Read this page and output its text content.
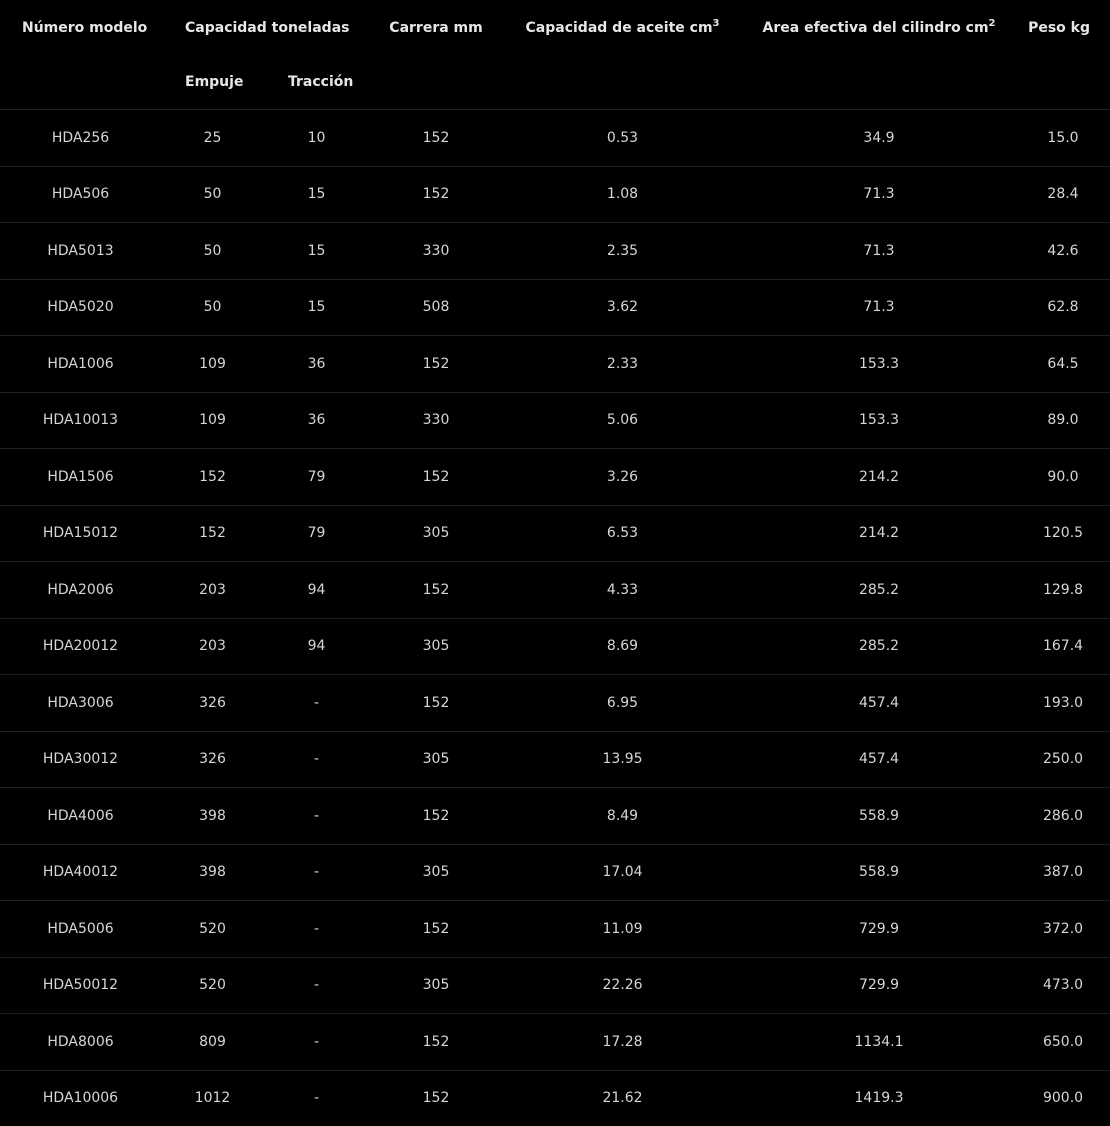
Número modelo	Capacidad toneladas		Carrera mm	Capacidad de aceite $cm^3$	Area efectiva del cilindro $cm^2$	Peso kg
	Empuje	Tracción				
HDA256	25	10	152	0.53	34.9	15.0
HDA506	50	15	152	1.08	71.3	28.4
HDA5013	50	15	330	2.35	71.3	42.6
HDA5020	50	15	508	3.62	71.3	62.8
HDA1006	109	36	152	2.33	153.3	64.5
HDA10013	109	36	330	5.06	153.3	89.0
HDA1506	152	79	152	3.26	214.2	90.0
HDA15012	152	79	305	6.53	214.2	120.5
HDA2006	203	94	152	4.33	285.2	129.8
HDA20012	203	94	305	8.69	285.2	167.4
HDA3006	326	-	152	6.95	457.4	193.0
HDA30012	326	-	305	13.95	457.4	250.0
HDA4006	398	-	152	8.49	558.9	286.0
HDA40012	398	-	305	17.04	558.9	387.0
HDA5006	520	-	152	11.09	729.9	372.0
HDA50012	520	-	305	22.26	729.9	473.0
HDA8006	809	-	152	17.28	1134.1	650.0
HDA10006	1012	-	152	21.62	1419.3	900.0
